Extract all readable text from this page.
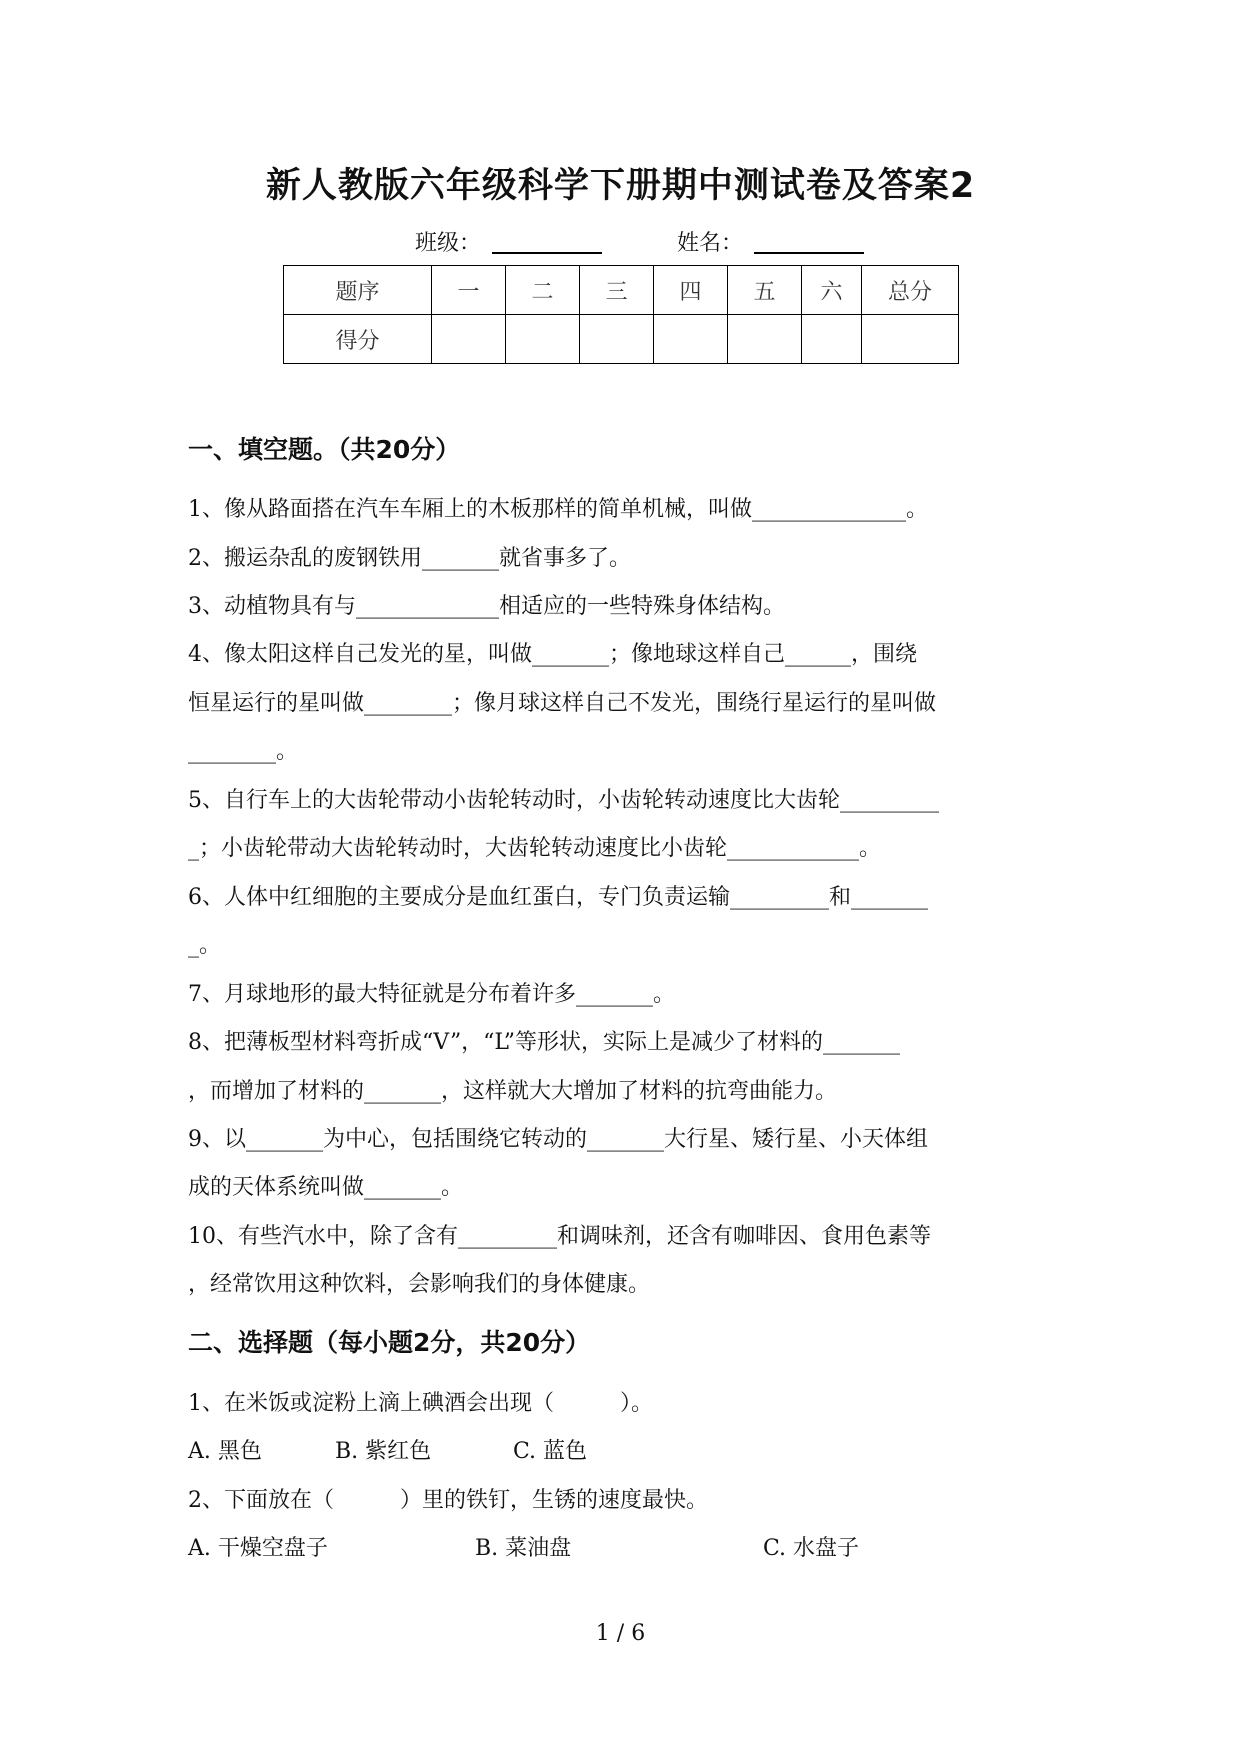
新人教版六年级科学下册期中测试卷及答案2
班级：	姓名：
题序	一	二	三	四	五	六	总分
得分							
一、填空题。（共20分）
1、像从路面搭在汽车车厢上的木板那样的简单机械，叫做______________。
2、搬运杂乱的废钢铁用_______就省事多了。
3、动植物具有与_____________相适应的一些特殊身体结构。
4、像太阳这样自己发光的星，叫做_______；像地球这样自己______，围绕
恒星运行的星叫做________；像月球这样自己不发光，围绕行星运行的星叫做
________。
5、自行车上的大齿轮带动小齿轮转动时，小齿轮转动速度比大齿轮_________
_；小齿轮带动大齿轮转动时，大齿轮转动速度比小齿轮____________。
6、人体中红细胞的主要成分是血红蛋白，专门负责运输_________和_______
_。
7、月球地形的最大特征就是分布着许多_______。
8、把薄板型材料弯折成“V”，“L”等形状，实际上是减少了材料的_______
，而增加了材料的_______，这样就大大增加了材料的抗弯曲能力。
9、以_______为中心，包括围绕它转动的_______大行星、矮行星、小天体组
成的天体系统叫做_______。
10、有些汽水中，除了含有_________和调味剂，还含有咖啡因、食用色素等
，经常饮用这种饮料，会影响我们的身体健康。
二、选择题（每小题2分，共20分）
1、在米饭或淀粉上滴上碘酒会出现（　　　）。
A. 黑色	B. 紫红色	C. 蓝色
2、下面放在（　　　）里的铁钉，生锈的速度最快。
A. 干燥空盘子	B. 菜油盘	C. 水盘子
1 / 6
